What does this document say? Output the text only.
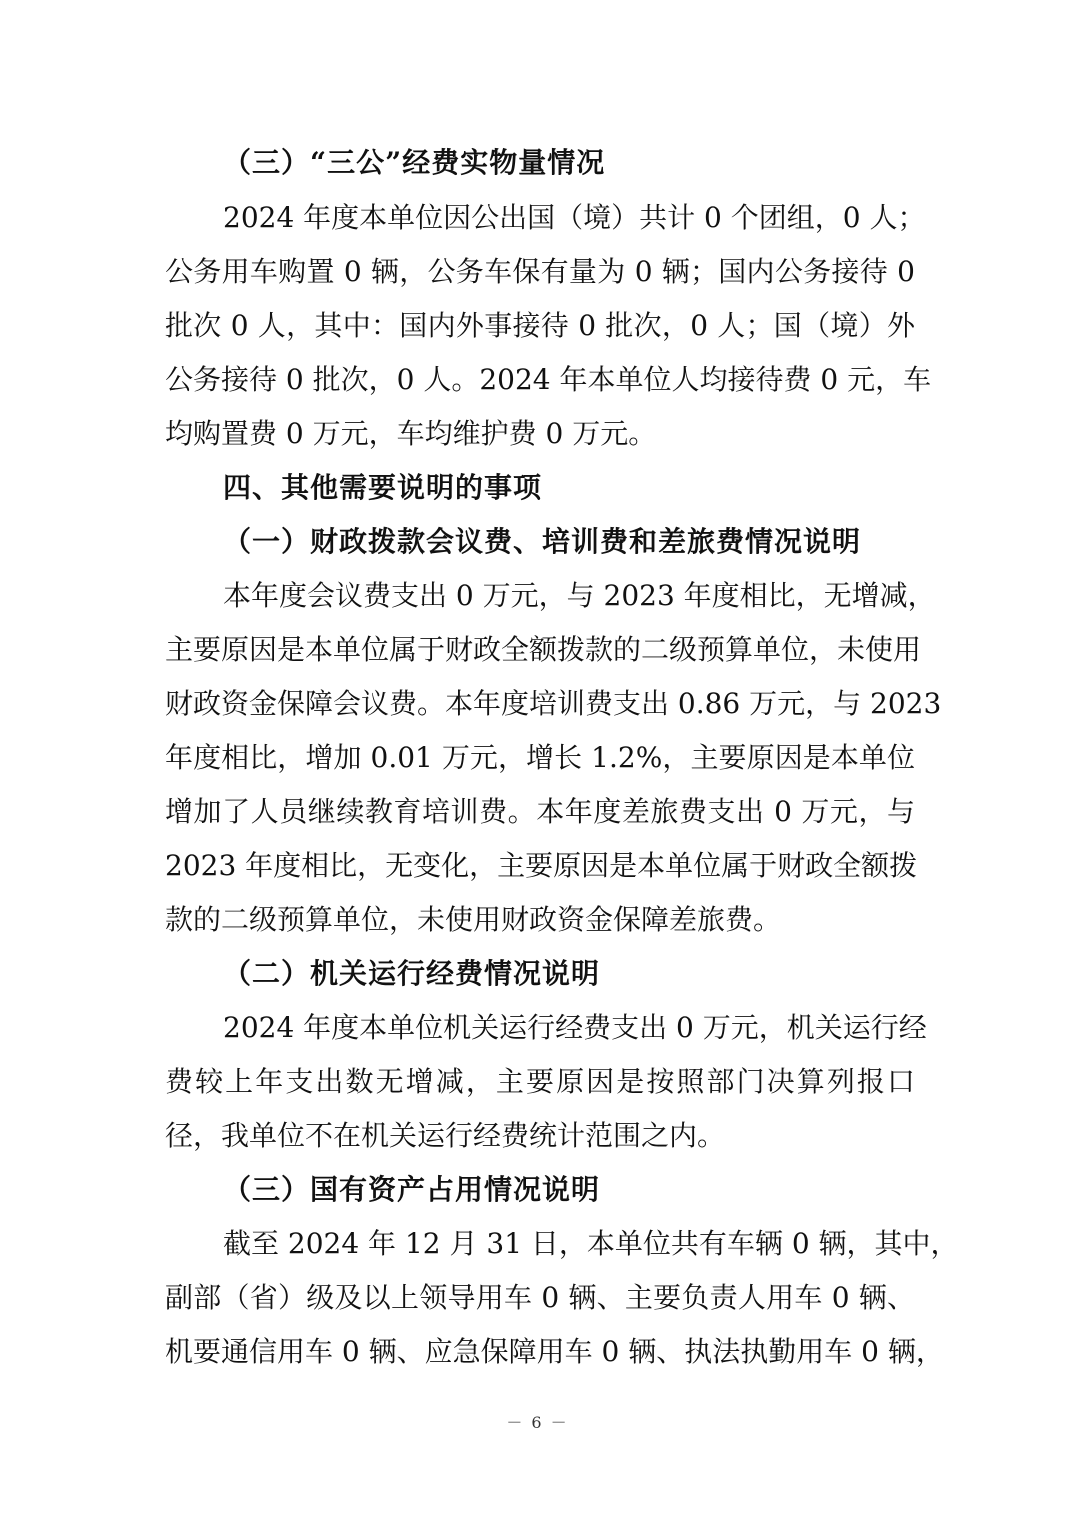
（三）“三公”经费实物量情况
2024 年度本单位因公出国（境）共计 0 个团组，0 人；
公务用车购置 0 辆，公务车保有量为 0 辆；国内公务接待 0
批次 0 人，其中：国内外事接待 0 批次，0 人；国（境）外
公务接待 0 批次，0 人。2024 年本单位人均接待费 0 元，车
均购置费 0 万元，车均维护费 0 万元。
四、其他需要说明的事项
（一）财政拨款会议费、培训费和差旅费情况说明
本年度会议费支出 0 万元，与 2023 年度相比，无增减，
主要原因是本单位属于财政全额拨款的二级预算单位，未使用
财政资金保障会议费。本年度培训费支出 0.86 万元，与 2023
年度相比，增加 0.01 万元，增长 1.2%，主要原因是本单位
增加了人员继续教育培训费。本年度差旅费支出 0 万元，与
2023 年度相比，无变化，主要原因是本单位属于财政全额拨
款的二级预算单位，未使用财政资金保障差旅费。
（二）机关运行经费情况说明
2024 年度本单位机关运行经费支出 0 万元，机关运行经
费较上年支出数无增减，主要原因是按照部门决算列报口
径，我单位不在机关运行经费统计范围之内。
（三）国有资产占用情况说明
截至 2024 年 12 月 31 日，本单位共有车辆 0 辆，其中，
副部（省）级及以上领导用车 0 辆、主要负责人用车 0 辆、
机要通信用车 0 辆、应急保障用车 0 辆、执法执勤用车 0 辆，
－ 6 －
